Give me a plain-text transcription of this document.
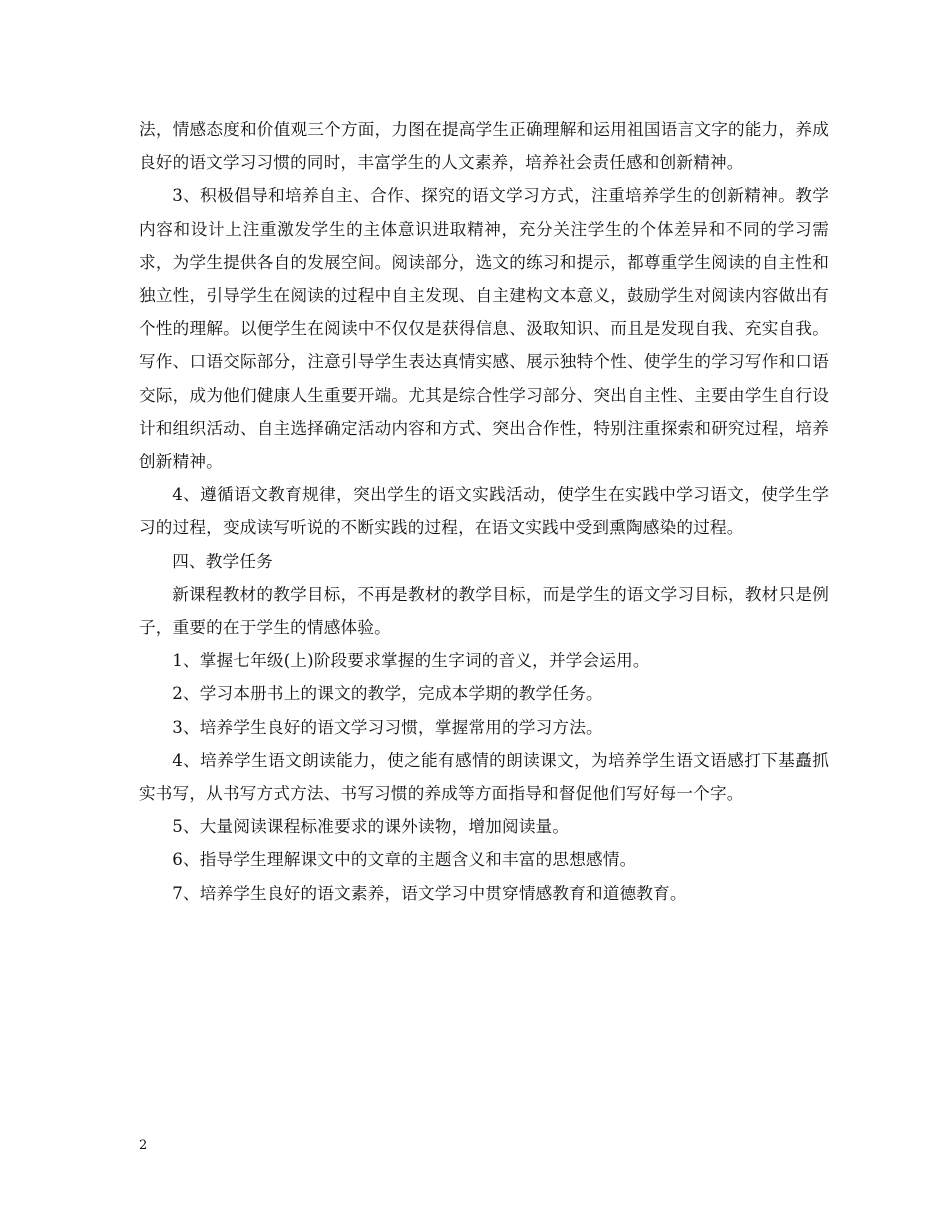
法，情感态度和价值观三个方面，力图在提高学生正确理解和运用祖国语言文字的能力，养成良好的语文学习习惯的同时，丰富学生的人文素养，培养社会责任感和创新精神。

3、积极倡导和培养自主、合作、探究的语文学习方式，注重培养学生的创新精神。教学内容和设计上注重激发学生的主体意识进取精神，充分关注学生的个体差异和不同的学习需求，为学生提供各自的发展空间。阅读部分，选文的练习和提示，都尊重学生阅读的自主性和独立性，引导学生在阅读的过程中自主发现、自主建构文本意义，鼓励学生对阅读内容做出有个性的理解。以便学生在阅读中不仅仅是获得信息、汲取知识、而且是发现自我、充实自我。写作、口语交际部分，注意引导学生表达真情实感、展示独特个性、使学生的学习写作和口语交际，成为他们健康人生重要开端。尤其是综合性学习部分、突出自主性、主要由学生自行设计和组织活动、自主选择确定活动内容和方式、突出合作性，特别注重探索和研究过程，培养创新精神。

4、遵循语文教育规律，突出学生的语文实践活动，使学生在实践中学习语文，使学生学习的过程，变成读写听说的不断实践的过程，在语文实践中受到熏陶感染的过程。

四、教学任务

新课程教材的教学目标，不再是教材的教学目标，而是学生的语文学习目标，教材只是例子，重要的在于学生的情感体验。

1、掌握七年级(上)阶段要求掌握的生字词的音义，并学会运用。

2、学习本册书上的课文的教学，完成本学期的教学任务。

3、培养学生良好的语文学习习惯，掌握常用的学习方法。

4、培养学生语文朗读能力，使之能有感情的朗读课文，为培养学生语文语感打下基矗抓实书写，从书写方式方法、书写习惯的养成等方面指导和督促他们写好每一个字。

5、大量阅读课程标准要求的课外读物，增加阅读量。

6、指导学生理解课文中的文章的主题含义和丰富的思想感情。

7、培养学生良好的语文素养，语文学习中贯穿情感教育和道德教育。

2
